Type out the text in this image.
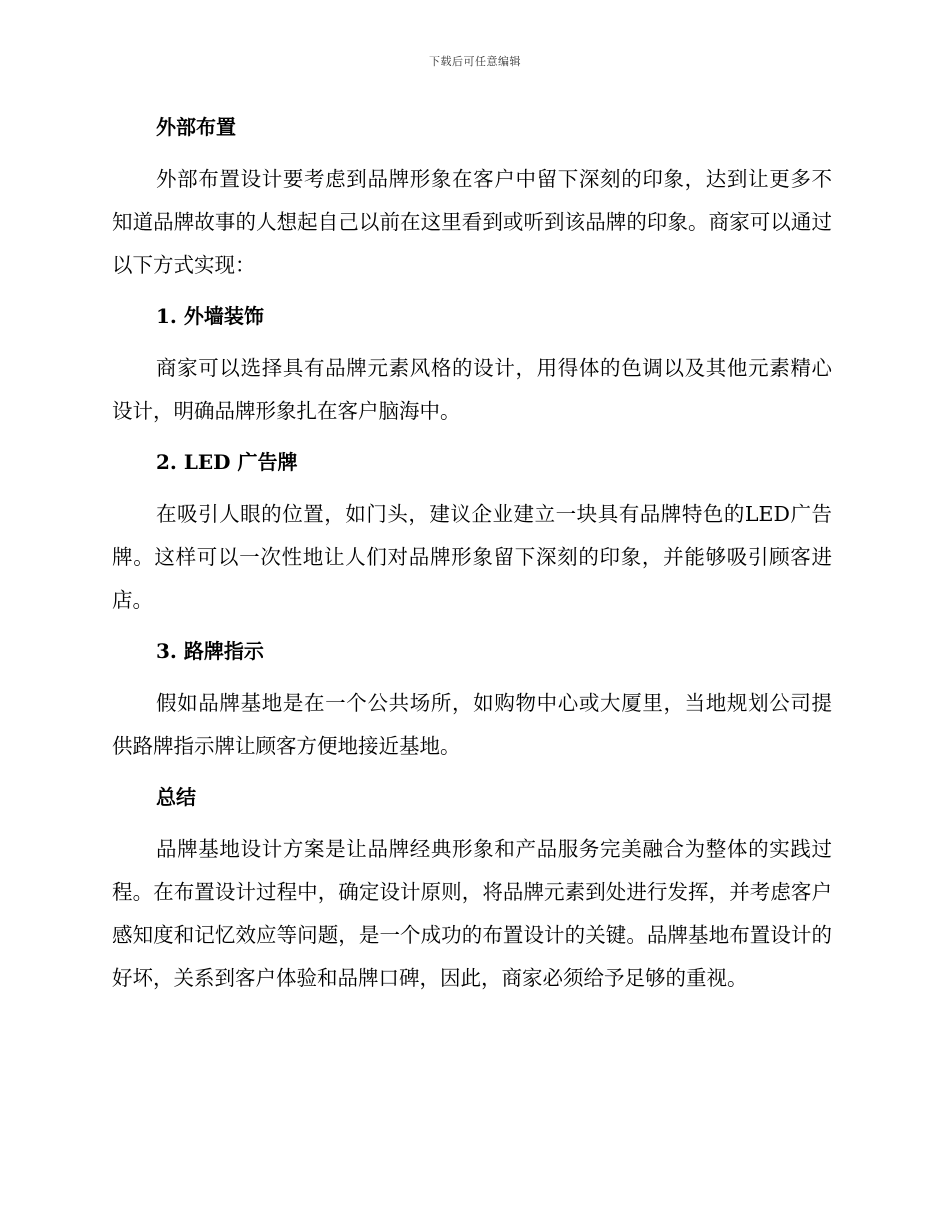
下载后可任意编辑
外部布置

外部布置设计要考虑到品牌形象在客户中留下深刻的印象，达到让更多不知道品牌故事的人想起自己以前在这里看到或听到该品牌的印象。商家可以通过以下方式实现：

1. 外墙装饰

商家可以选择具有品牌元素风格的设计，用得体的色调以及其他元素精心设计，明确品牌形象扎在客户脑海中。

2. LED 广告牌

在吸引人眼的位置，如门头，建议企业建立一块具有品牌特色的LED广告牌。这样可以一次性地让人们对品牌形象留下深刻的印象，并能够吸引顾客进店。

3. 路牌指示

假如品牌基地是在一个公共场所，如购物中心或大厦里，当地规划公司提供路牌指示牌让顾客方便地接近基地。

总结

品牌基地设计方案是让品牌经典形象和产品服务完美融合为整体的实践过程。在布置设计过程中，确定设计原则，将品牌元素到处进行发挥，并考虑客户感知度和记忆效应等问题，是一个成功的布置设计的关键。品牌基地布置设计的好坏，关系到客户体验和品牌口碑，因此，商家必须给予足够的重视。
